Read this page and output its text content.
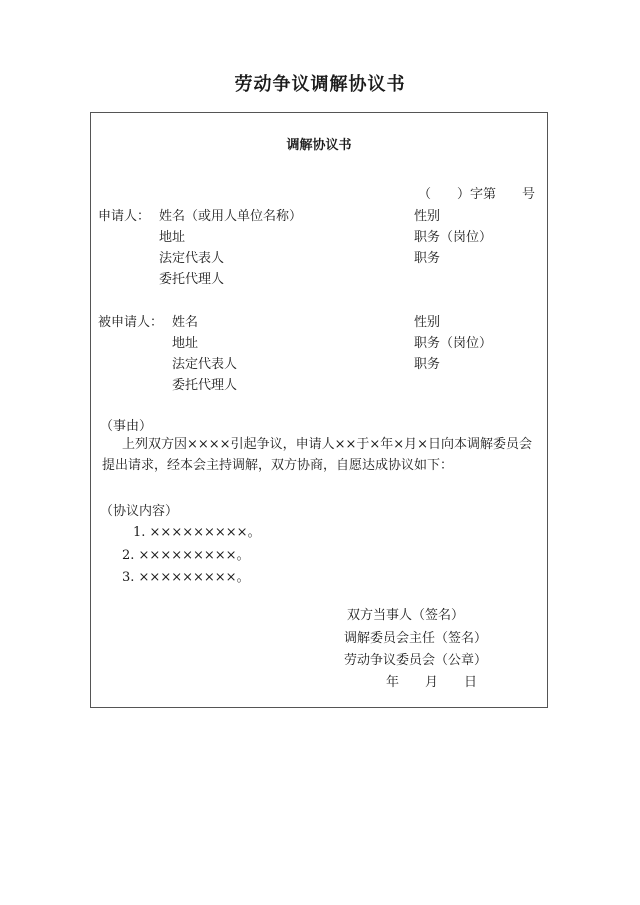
劳动争议调解协议书
调解协议书
（　　）字第　　号
申请人： 姓名（或用人单位名称）
地址
法定代表人
委托代理人
性别
职务（岗位）
职务
被申请人： 姓名
地址
法定代表人
委托代理人
性别
职务（岗位）
职务
（事由）
上列双方因××××引起争议，申请人××于×年×月×日向本调解委员会提出请求，经本会主持调解，双方协商，自愿达成协议如下：
（协议内容）
1. ×××××××××。
2. ×××××××××。
3. ×××××××××。
双方当事人（签名）
调解委员会主任（签名）
劳动争议委员会（公章）
年　　月　　日
